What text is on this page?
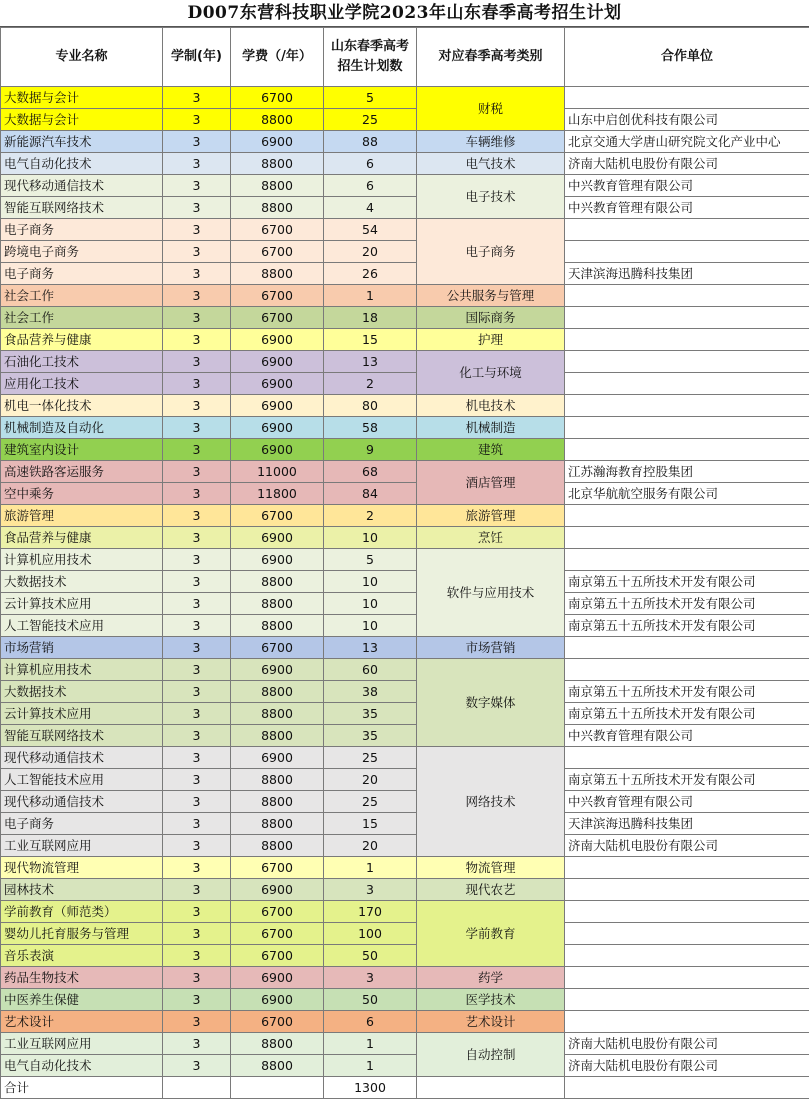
D007东营科技职业学院2023年山东春季高考招生计划
专业名称	学制(年)	学费（/年）	山东春季高考
招生计划数	对应春季高考类别	合作单位
大数据与会计	3	6700	5	财税	
大数据与会计	3	8800	25		山东中启创优科技有限公司
新能源汽车技术	3	6900	88	车辆维修	北京交通大学唐山研究院文化产业中心
电气自动化技术	3	8800	6	电气技术	济南大陆机电股份有限公司
现代移动通信技术	3	8800	6	电子技术	中兴教育管理有限公司
智能互联网络技术	3	8800	4		中兴教育管理有限公司
电子商务	3	6700	54	电子商务	
跨境电子商务	3	6700	20		
电子商务	3	8800	26		天津滨海迅腾科技集团
社会工作	3	6700	1	公共服务与管理	
社会工作	3	6700	18	国际商务	
食品营养与健康	3	6900	15	护理	
石油化工技术	3	6900	13	化工与环境	
应用化工技术	3	6900	2		
机电一体化技术	3	6900	80	机电技术	
机械制造及自动化	3	6900	58	机械制造	
建筑室内设计	3	6900	9	建筑	
高速铁路客运服务	3	11000	68	酒店管理	江苏瀚海教育控股集团
空中乘务	3	11800	84		北京华航航空服务有限公司
旅游管理	3	6700	2	旅游管理	
食品营养与健康	3	6900	10	烹饪	
计算机应用技术	3	6900	5	软件与应用技术	
大数据技术	3	8800	10		南京第五十五所技术开发有限公司
云计算技术应用	3	8800	10		南京第五十五所技术开发有限公司
人工智能技术应用	3	8800	10		南京第五十五所技术开发有限公司
市场营销	3	6700	13	市场营销	
计算机应用技术	3	6900	60	数字媒体	
大数据技术	3	8800	38		南京第五十五所技术开发有限公司
云计算技术应用	3	8800	35		南京第五十五所技术开发有限公司
智能互联网络技术	3	8800	35		中兴教育管理有限公司
现代移动通信技术	3	6900	25	网络技术	
人工智能技术应用	3	8800	20		南京第五十五所技术开发有限公司
现代移动通信技术	3	8800	25		中兴教育管理有限公司
电子商务	3	8800	15		天津滨海迅腾科技集团
工业互联网应用	3	8800	20		济南大陆机电股份有限公司
现代物流管理	3	6700	1	物流管理	
园林技术	3	6900	3	现代农艺	
学前教育（师范类）	3	6700	170	学前教育	
婴幼儿托育服务与管理	3	6700	100		
音乐表演	3	6700	50		
药品生物技术	3	6900	3	药学	
中医养生保健	3	6900	50	医学技术	
艺术设计	3	6700	6	艺术设计	
工业互联网应用	3	8800	1	自动控制	济南大陆机电股份有限公司
电气自动化技术	3	8800	1		济南大陆机电股份有限公司
合计			1300		
